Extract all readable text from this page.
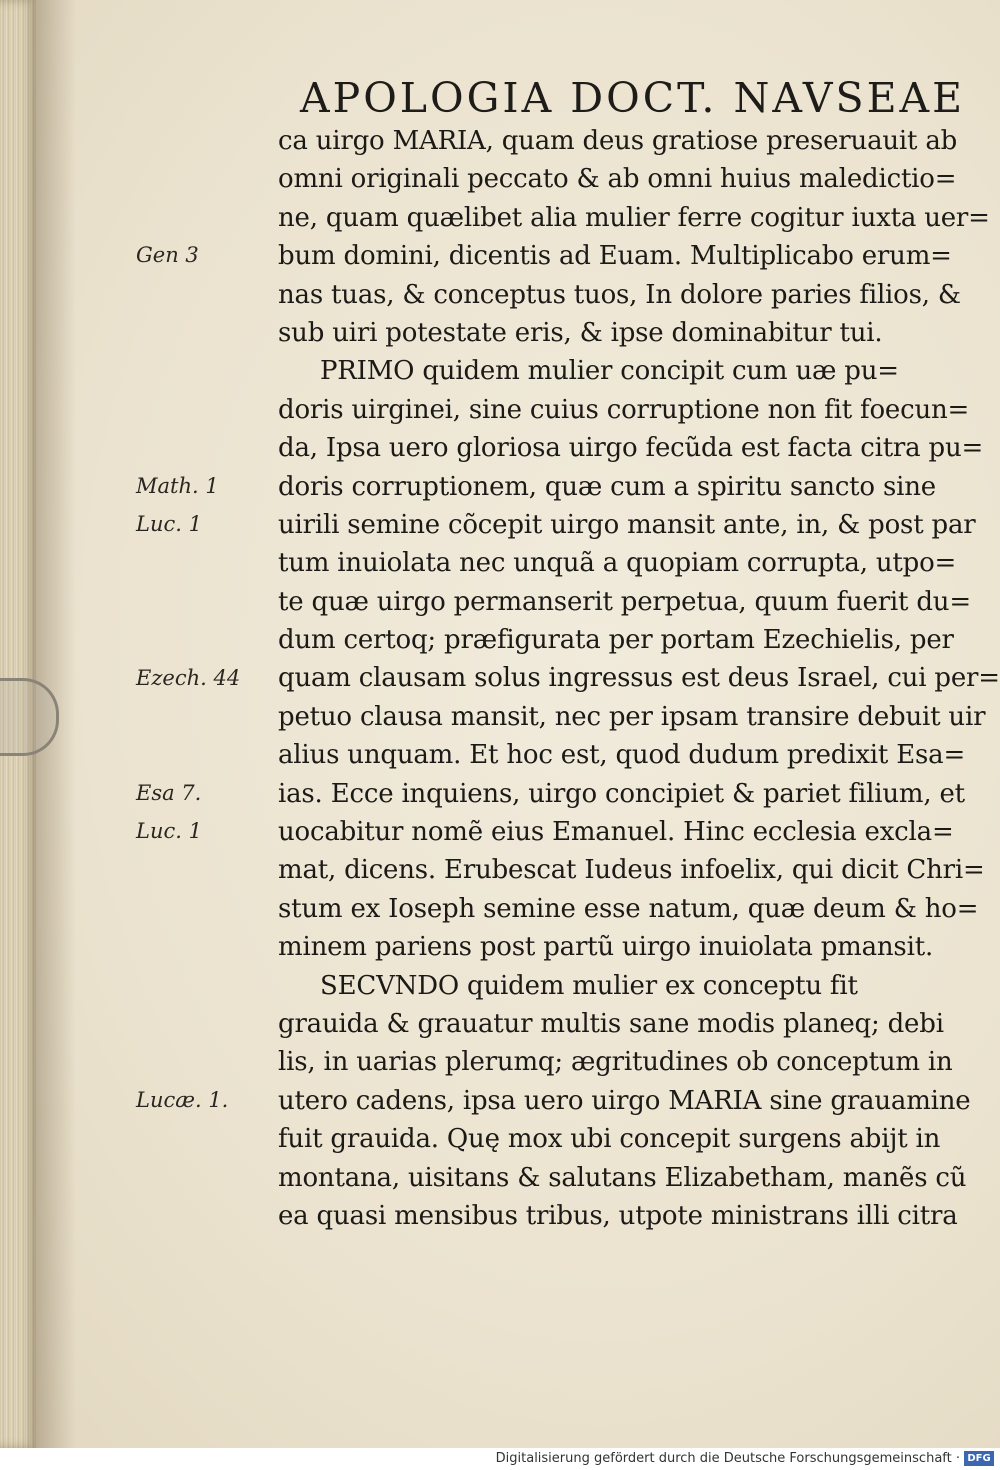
APOLOGIA DOCT. NAVSEAE
Gen 3
Math. 1
Luc. 1
Ezech. 44
Esa 7.
Luc. 1
Lucæ. 1.
ca uirgo MARIA, quam deus gratiose preseruauit ab
omni originali peccato & ab omni huius maledictio=
ne, quam quælibet alia mulier ferre cogitur iuxta uer=
bum domini, dicentis ad Euam. Multiplicabo erum=
nas tuas, & conceptus tuos, In dolore paries filios, &
sub uiri potestate eris, & ipse dominabitur tui.
PRIMO quidem mulier concipit cum uæ pu=
doris uirginei, sine cuius corruptione non fit foecun=
da, Ipsa uero gloriosa uirgo fecũda est facta citra pu=
doris corruptionem, quæ cum a spiritu sancto sine
uirili semine cõcepit uirgo mansit ante, in, & post par
tum inuiolata nec unquã a quopiam corrupta, utpo=
te quæ uirgo permanserit perpetua, quum fuerit du=
dum certoq; præfigurata per portam Ezechielis, per
quam clausam solus ingressus est deus Israel, cui per=
petuo clausa mansit, nec per ipsam transire debuit uir
alius unquam. Et hoc est, quod dudum predixit Esa=
ias. Ecce inquiens, uirgo concipiet & pariet filium, et
uocabitur nomẽ eius Emanuel. Hinc ecclesia excla=
mat, dicens. Erubescat Iudeus infoelix, qui dicit Chri=
stum ex Ioseph semine esse natum, quæ deum & ho=
minem pariens post partũ uirgo inuiolata pmansit.
SECVNDO quidem mulier ex conceptu fit
grauida & grauatur multis sane modis planeq; debi
lis, in uarias plerumq; ægritudines ob conceptum in
utero cadens, ipsa uero uirgo MARIA sine grauamine
fuit grauida. Quę mox ubi concepit surgens abijt in
montana, uisitans & salutans Elizabetham, manẽs cũ
ea quasi mensibus tribus, utpote ministrans illi citra
Digitalisierung gefördert durch die Deutsche Forschungsgemeinschaft · DFG
